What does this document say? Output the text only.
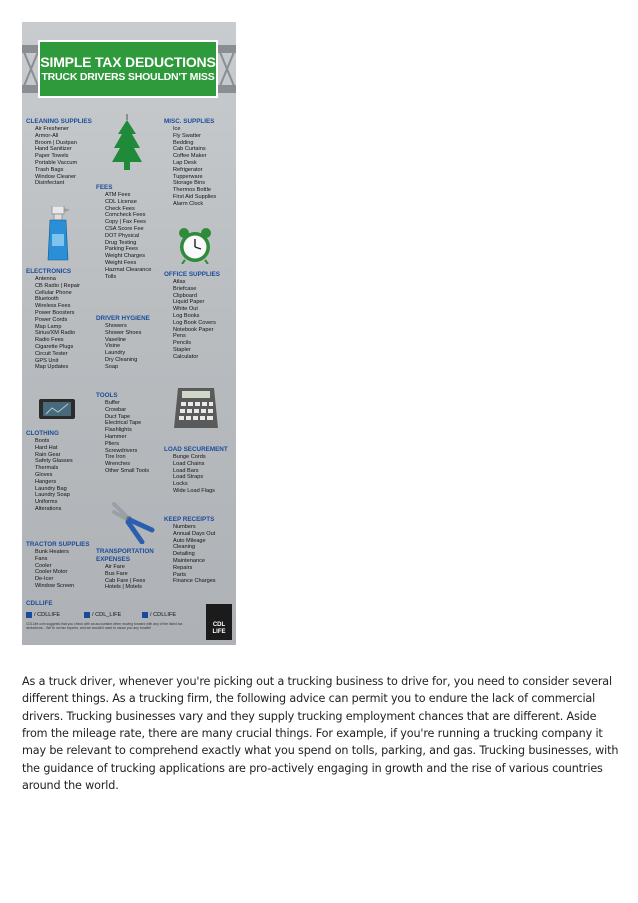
SIMPLE TAX DEDUCTIONS
TRUCK DRIVERS SHOULDN'T MISS
CLEANING SUPPLIES
Air Freshener
Armor-All
Broom | Dustpan
Hand Sanitizer
Paper Towels
Portable Vaccum
Trash Bags
Window Cleaner
Disinfectant
MISC. SUPPLIES
Ice
Fly Swatter
Bedding
Cab Curtains
Coffee Maker
Lap Desk
Refrigerator
Tupperware
Storage Bins
Thermos Bottle
First Aid Supplies
Alarm Clock
FEES
ATM Fees
CDL License
Check Fees
Comcheck Fees
Copy | Fax Fees
CSA Score Fee
DOT Physical
Drug Testing
Parking Fees
Weight Charges
Weight Fees
Hazmat Clearance
Tolls
ELECTRONICS
Antenna
CB Radio | Repair
Cellular Phone
Bluetooth
Wireless Fees
Power Boosters
Power Cords
Map Lamp
Sirius/XM Radio
Radio Fees
Cigarette Plugs
Circuit Tester
GPS Unit
Map Updates
OFFICE SUPPLIES
Atlas
Briefcase
Clipboard
Liquid Paper
White Out
Log Books
Log Book Covers
Notebook Paper
Pens
Pencils
Stapler
Calculator
DRIVER HYGIENE
Showers
Shower Shoes
Vaseline
Visine
Laundry
Dry Cleaning
Soap
TOOLS
Buffer
Crowbar
Duct Tape
Electrical Tape
Flashlights
Hammer
Pliers
Screwdrivers
Tire Iron
Wrenches
Other Small Tools
CLOTHING
Boots
Hard Hat
Rain Gear
Safety Glasses
Thermals
Gloves
Hangers
Laundry Bag
Laundry Soap
Uniforms
Alterations
LOAD SECUREMENT
Bunge Cords
Load Chains
Load Bars
Load Straps
Locks
Wide Load Flags
KEEP RECEIPTS
Numbers
Annual Days Out
Auto Mileage
Cleaning
Detailing
Maintenance
Repairs
Parts
Finance Charges
TRACTOR SUPPLIES
Bunk Heaters
Fans
Cooler
Cooler Motor
De-Icer
Window Screen
TRANSPORTATION EXPENSES
Air Fare
Bus Fare
Cab Fare | Fees
Hotels | Motels
CDLLIFE
/ CDLLIFE	/ CDL_LIFE	/ CDLLIFE
CDLLife.com suggests that you check with an accountant when moving forward with any of the listed tax deductions... We're not tax experts, and we wouldn't want to cause you any trouble!
CDL
LIFE

As a truck driver, whenever you're picking out a trucking business to drive for, you need to consider several different things. As a trucking firm, the following advice can permit you to endure the lack of commercial drivers. Trucking businesses vary and they supply trucking employment chances that are different. Aside from the mileage rate, there are many crucial things. For example, if you're running a trucking company it may be relevant to comprehend exactly what you spend on tolls, parking, and gas. Trucking businesses, with the guidance of trucking applications are pro-actively engaging in growth and the rise of various countries around the world.
